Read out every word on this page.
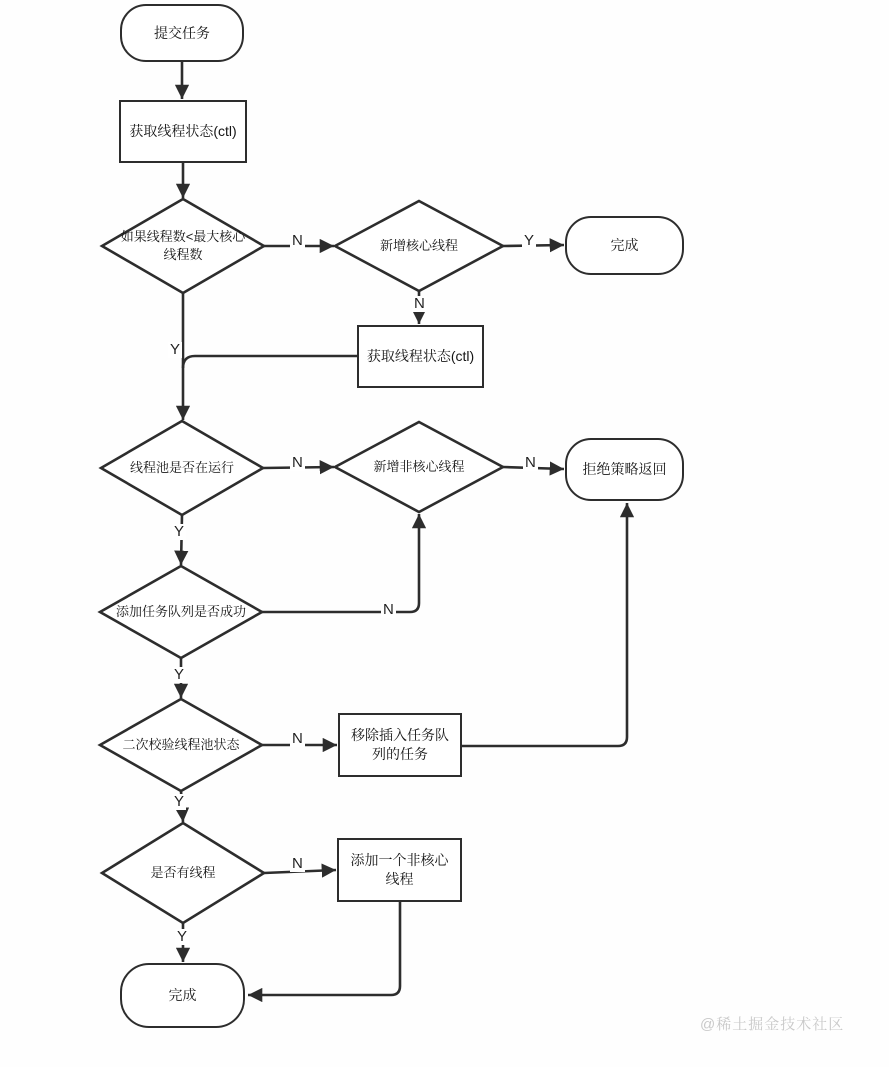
提交任务
获取线程状态(ctl)
完成
获取线程状态(ctl)
拒绝策略返回
移除插入任务队列的任务
添加一个非核心线程
完成
如果线程数<最大核心线程数
新增核心线程
线程池是否在运行	新增非核心线程
添加任务队列是否成功
二次校验线程池状态
是否有线程
N	Y
N
Y
N	N
Y
N
Y
N
Y
N
Y
@稀土掘金技术社区
